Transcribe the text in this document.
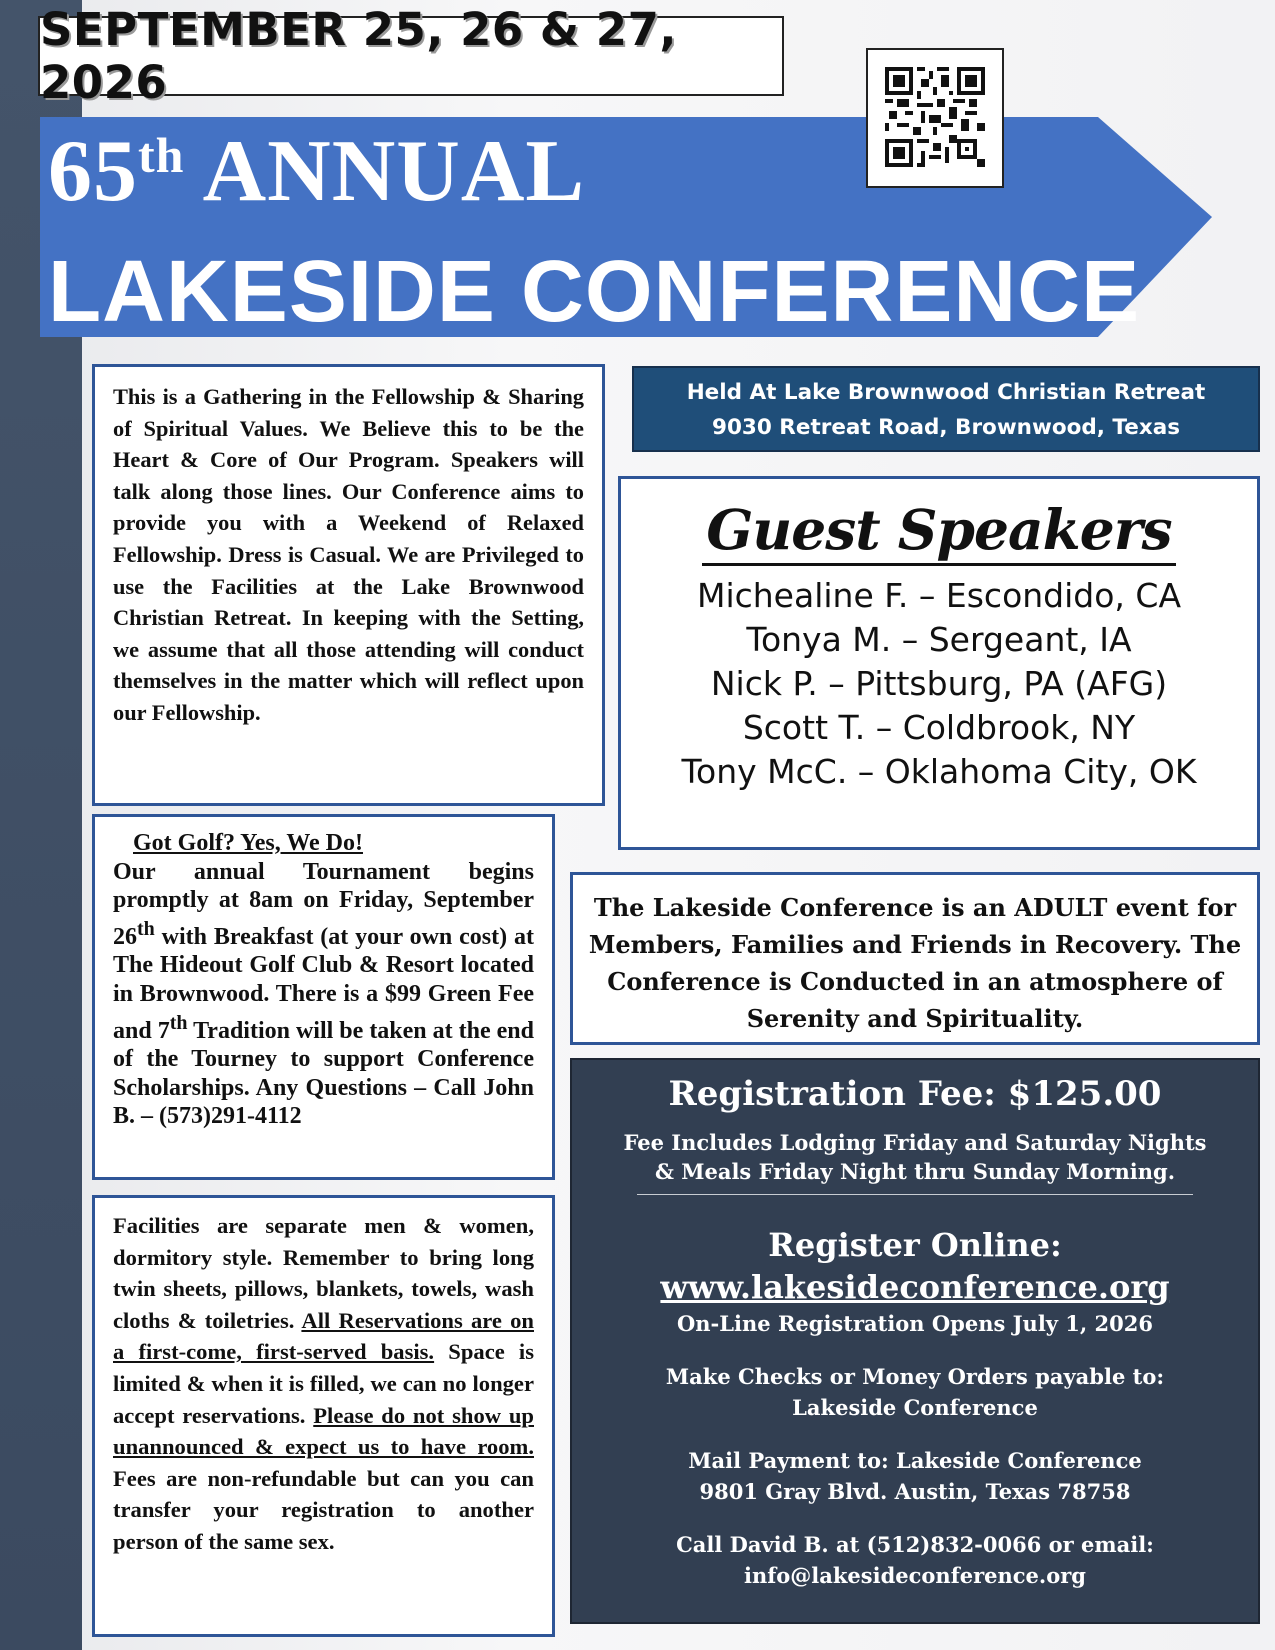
SEPTEMBER 25, 26 & 27, 2026
65th ANNUAL
LAKESIDE CONFERENCE
This is a Gathering in the Fellowship & Sharing of Spiritual Values. We Believe this to be the Heart & Core of Our Program. Speakers will talk along those lines. Our Conference aims to provide you with a Weekend of Relaxed Fellowship. Dress is Casual. We are Privileged to use the Facilities at the Lake Brownwood Christian Retreat. In keeping with the Setting, we assume that all those attending will conduct themselves in the matter which will reflect upon our Fellowship.
Got Golf? Yes, We Do!
Our annual Tournament begins promptly at 8am on Friday, September 26th with Breakfast (at your own cost) at The Hideout Golf Club & Resort located in Brownwood. There is a $99 Green Fee and 7th Tradition will be taken at the end of the Tourney to support Conference Scholarships. Any Questions – Call John B. – (573)291-4112
Facilities are separate men & women, dormitory style. Remember to bring long twin sheets, pillows, blankets, towels, wash cloths & toiletries. All Reservations are on a first-come, first-served basis. Space is limited & when it is filled, we can no longer accept reservations. Please do not show up unannounced & expect us to have room. Fees are non-refundable but can you can transfer your registration to another person of the same sex.
Held At Lake Brownwood Christian Retreat
9030 Retreat Road, Brownwood, Texas
Guest Speakers
Michealine F. – Escondido, CA
Tonya M. – Sergeant, IA
Nick P. – Pittsburg, PA (AFG)
Scott T. – Coldbrook, NY
Tony McC. – Oklahoma City, OK
The Lakeside Conference is an ADULT event for Members, Families and Friends in Recovery. The Conference is Conducted in an atmosphere of Serenity and Spirituality.
Registration Fee: $125.00
Fee Includes Lodging Friday and Saturday Nights
& Meals Friday Night thru Sunday Morning.
Register Online:
www.lakesideconference.org
On-Line Registration Opens July 1, 2026
Make Checks or Money Orders payable to:
Lakeside Conference
Mail Payment to: Lakeside Conference
9801 Gray Blvd. Austin, Texas 78758
Call David B. at (512)832-0066 or email:
info@lakesideconference.org
